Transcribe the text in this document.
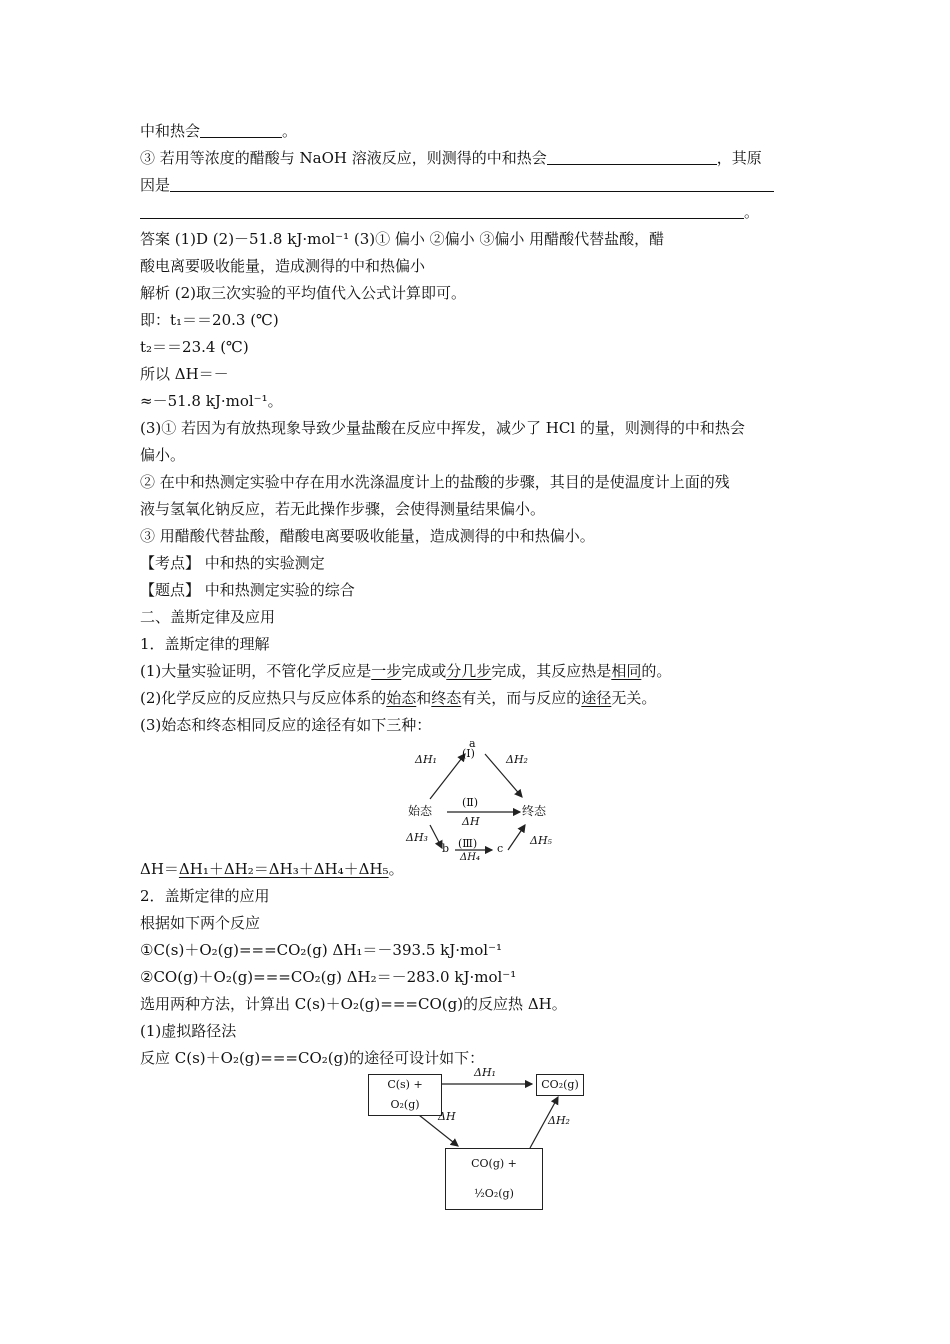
中和热会	。
③ 若用等浓度的醋酸与 NaOH 溶液反应，则测得的中和热会	，其原
因是
。
答案 (1)D (2)－51.8 kJ·mol⁻¹ (3)① 偏小 ②偏小 ③偏小 用醋酸代替盐酸，醋
酸电离要吸收能量，造成测得的中和热偏小
解析 (2)取三次实验的平均值代入公式计算即可。
即：t₁＝＝20.3 (℃)
t₂＝＝23.4 (℃)
所以 ΔH＝－
≈－51.8 kJ·mol⁻¹。
(3)① 若因为有放热现象导致少量盐酸在反应中挥发，减少了 HCl 的量，则测得的中和热会
偏小。
② 在中和热测定实验中存在用水洗涤温度计上的盐酸的步骤，其目的是使温度计上面的残
液与氢氧化钠反应，若无此操作步骤，会使得测量结果偏小。
③ 用醋酸代替盐酸，醋酸电离要吸收能量，造成测得的中和热偏小。
【考点】 中和热的实验测定
【题点】 中和热测定实验的综合
二、盖斯定律及应用
1．盖斯定律的理解
(1)大量实验证明，不管化学反应是一步完成或分几步完成，其反应热是相同的。
(2)化学反应的反应热只与反应体系的始态和终态有关，而与反应的途径无关。
(3)始态和终态相同反应的途径有如下三种：
始态	终态
a
b	c
(Ⅰ)
(Ⅱ)
(Ⅲ)
ΔH
ΔH₁	ΔH₂
ΔH₃
ΔH₄
ΔH₅
ΔH＝ΔH₁＋ΔH₂＝ΔH₃＋ΔH₄＋ΔH₅。
2．盖斯定律的应用
根据如下两个反应
①C(s)＋O₂(g)===CO₂(g) ΔH₁＝－393.5 kJ·mol⁻¹
②CO(g)＋O₂(g)===CO₂(g) ΔH₂＝－283.0 kJ·mol⁻¹
选用两种方法，计算出 C(s)＋O₂(g)===CO(g)的反应热 ΔH。
(1)虚拟路径法
反应 C(s)＋O₂(g)===CO₂(g)的途径可设计如下：
C(s) + O₂(g)
CO₂(g)
CO(g) + ½O₂(g)
ΔH₁
ΔH	ΔH₂
